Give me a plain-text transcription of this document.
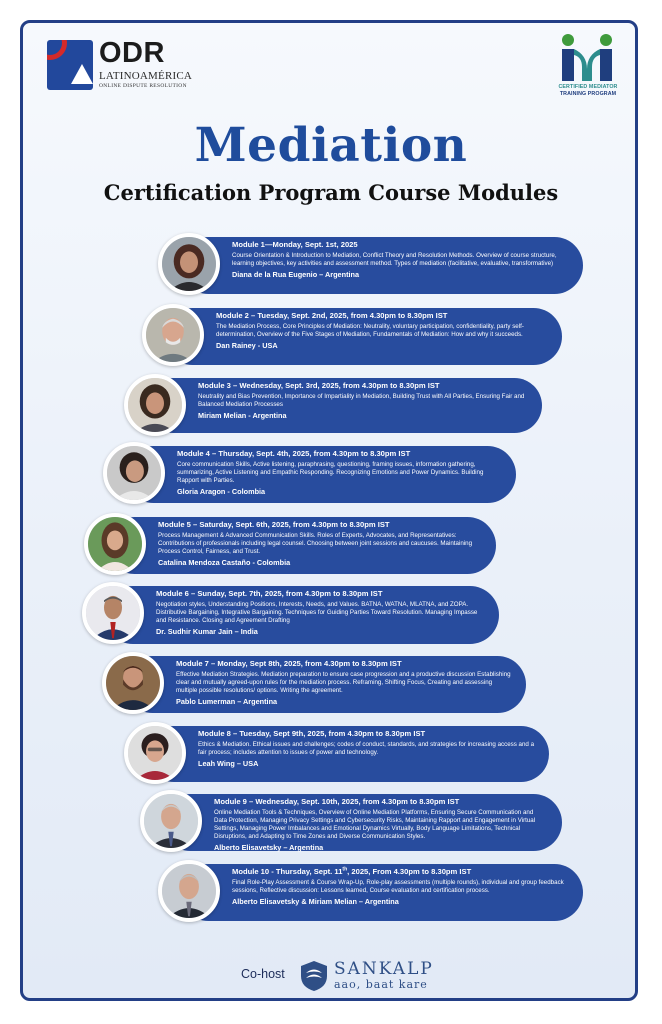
ODR
LATINOAMÉRICA
ONLINE DISPUTE RESOLUTION	CERTIFIED MEDIATOR
TRAINING PROGRAM
Mediation
Certification Program Course Modules
Module 1—Monday, Sept. 1st, 2025
Course Orientation & Introduction to Mediation, Conflict Theory and Resolution Methods. Overview of course structure, learning objectives, key activities and assessment method. Types of mediation (facilitative, evaluative, transformative)
Diana de la Rua Eugenio – Argentina
Module 2 – Tuesday, Sept. 2nd, 2025, from 4.30pm to 8.30pm IST
The Mediation Process, Core Principles of Mediation: Neutrality, voluntary participation, confidentiality, party self-determination, Overview of the Five Stages of Mediation, Fundamentals of Mediation: How and why it succeeds.
Dan Rainey - USA
Module 3 – Wednesday, Sept. 3rd, 2025, from 4.30pm to 8.30pm IST
Neutrality and Bias Prevention, Importance of Impartiality in Mediation, Building Trust with All Parties, Ensuring Fair and Balanced Mediation Processes
Miriam Melian - Argentina
Module 4 – Thursday, Sept. 4th, 2025, from 4.30pm to 8.30pm IST
Core communication Skills, Active listening, paraphrasing, questioning, framing issues, information gathering, summarizing, Active Listening and Empathic Responding. Recognizing Emotions and Power Dynamics. Building Rapport with Parties.
Gloria Aragon - Colombia
Module 5 – Saturday, Sept. 6th, 2025, from 4.30pm to 8.30pm IST
Process Management & Advanced Communication Skills. Roles of Experts, Advocates, and Representatives: Contributions of professionals including legal counsel. Choosing between joint sessions and caucuses. Maintaining Process Control, Fairness, and Trust.
Catalina Mendoza Castaño - Colombia
Module 6 – Sunday, Sept. 7th, 2025, from 4.30pm to 8.30pm IST
Negotiation styles, Understanding Positions, Interests, Needs, and Values. BATNA, WATNA, MLATNA, and ZOPA. Distributive Bargaining, Integrative Bargaining. Techniques for Guiding Parties Toward Resolution. Managing Impasse and Resistance. Closing and Agreement Drafting
Dr. Sudhir Kumar Jain – India
Module 7 – Monday, Sept 8th, 2025, from 4.30pm to 8.30pm IST
Effective Mediation Strategies. Mediation preparation to ensure case progression and a productive discussion Establishing clear and mutually agreed-upon rules for the mediation process. Reframing, Shifting Focus, Creating and assessing multiple possible resolutions/ options. Writing the agreement.
Pablo Lumerman – Argentina
Module 8 – Tuesday, Sept 9th, 2025, from 4.30pm to 8.30pm IST
Ethics & Mediation. Ethical issues and challenges; codes of conduct, standards, and strategies for increasing access and a fair process; includes attention to issues of power and technology.
Leah Wing – USA
Module 9 – Wednesday, Sept. 10th, 2025, from 4.30pm to 8.30pm IST
Online Mediation Tools & Techniques, Overview of Online Mediation Platforms, Ensuring Secure Communication and Data Protection, Managing Privacy Settings and Cybersecurity Risks, Maintaining Rapport and Engagement in Virtual Settings, Managing Power Imbalances and Emotional Dynamics Virtually, Body Language Limitations, Technical Disruptions, and Adapting to Time Zones and Diverse Communication Styles.
Alberto Elisavetsky – Argentina
Module 10 - Thursday, Sept. 11th, 2025, From 4.30pm to 8.30pm IST
Final Role-Play Assessment & Course Wrap-Up, Role-play assessments (multiple rounds), individual and group feedback sessions, Reflective discussion: Lessons learned, Course evaluation and certification process.
Alberto Elisavetsky & Miriam Melian – Argentina
Co-host	SANKALP
aao, baat kare
